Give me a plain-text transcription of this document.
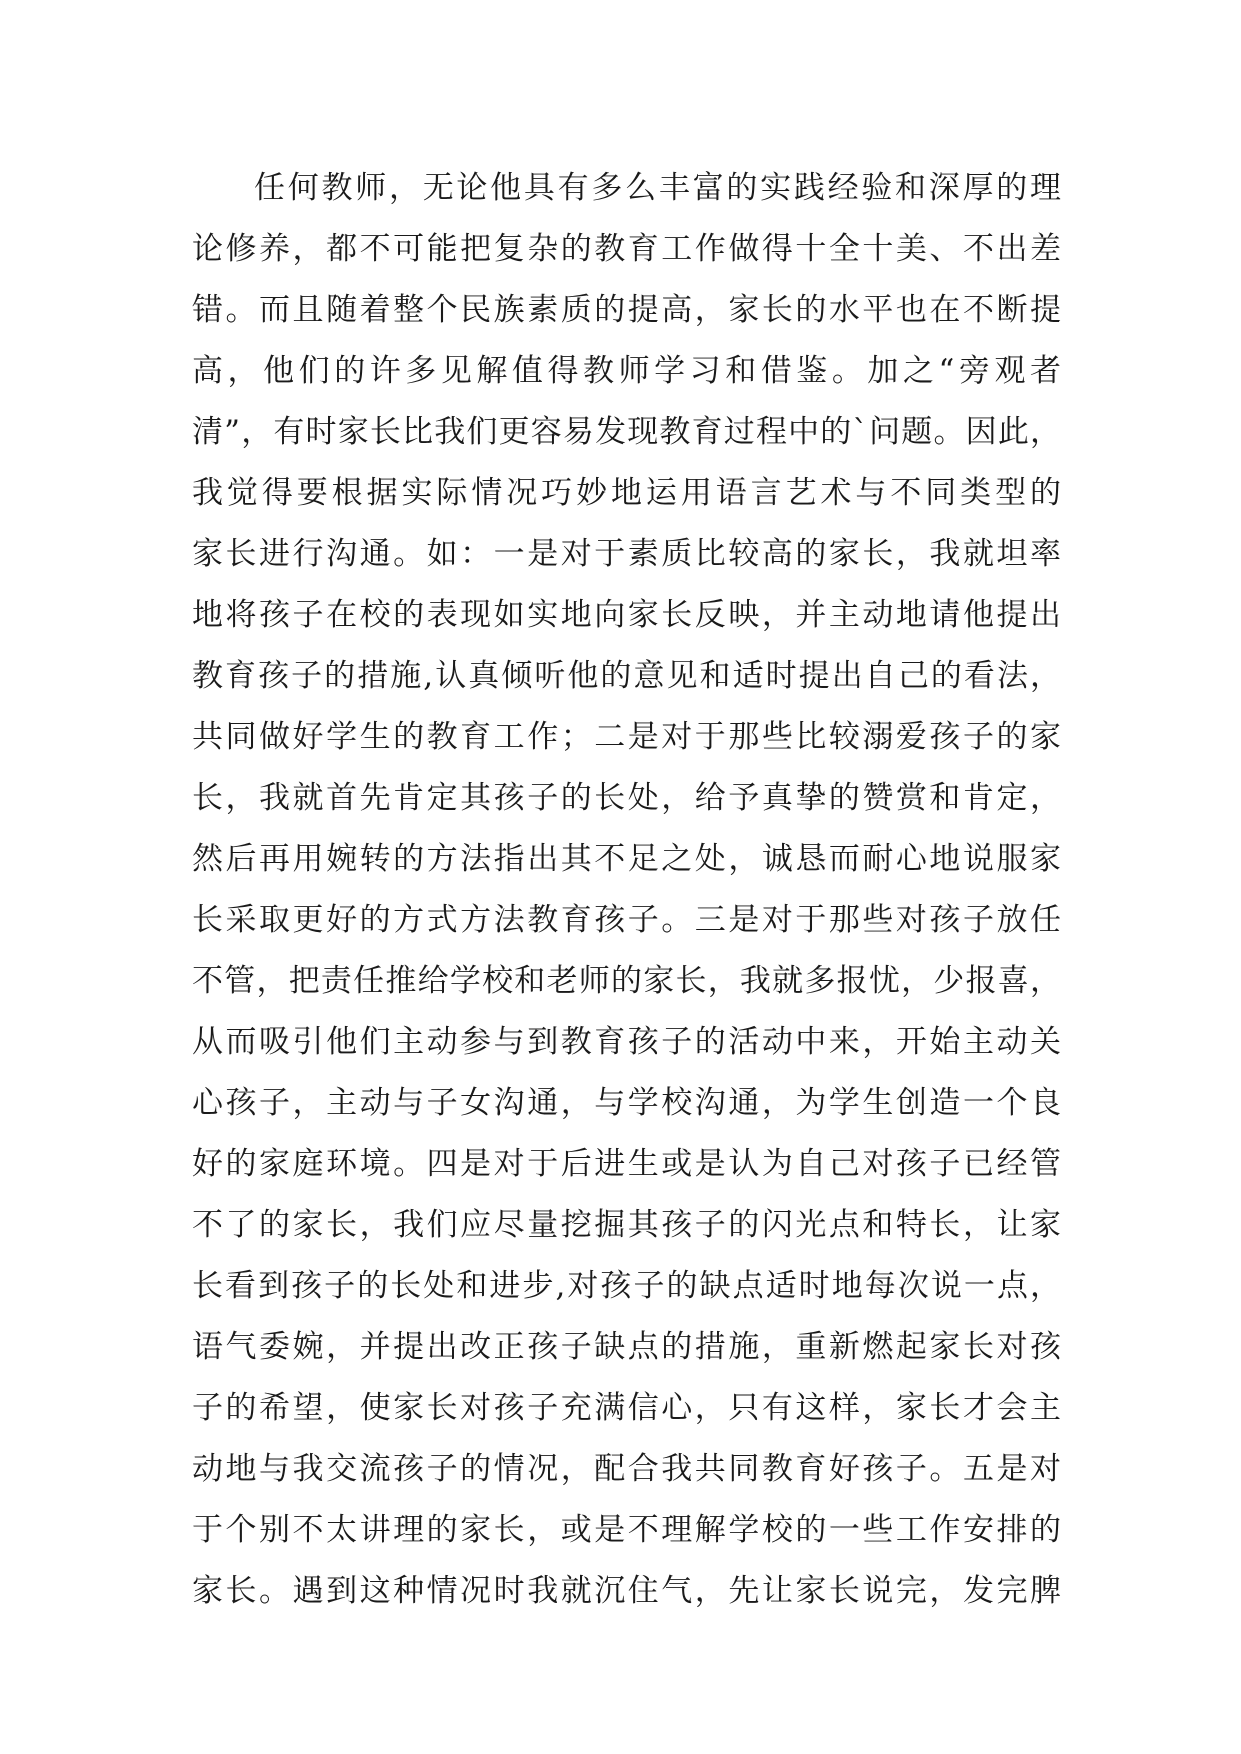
任何教师，无论他具有多么丰富的实践经验和深厚的理
论修养，都不可能把复杂的教育工作做得十全十美、不出差
错。而且随着整个民族素质的提高，家长的水平也在不断提
高，他们的许多见解值得教师学习和借鉴。加之“旁观者
清”，有时家长比我们更容易发现教育过程中的`问题。因此，
我觉得要根据实际情况巧妙地运用语言艺术与不同类型的
家长进行沟通。如：一是对于素质比较高的家长，我就坦率
地将孩子在校的表现如实地向家长反映，并主动地请他提出
教育孩子的措施,认真倾听他的意见和适时提出自己的看法，
共同做好学生的教育工作；二是对于那些比较溺爱孩子的家
长，我就首先肯定其孩子的长处，给予真挚的赞赏和肯定，
然后再用婉转的方法指出其不足之处，诚恳而耐心地说服家
长采取更好的方式方法教育孩子。三是对于那些对孩子放任
不管，把责任推给学校和老师的家长，我就多报忧，少报喜，
从而吸引他们主动参与到教育孩子的活动中来，开始主动关
心孩子，主动与子女沟通，与学校沟通，为学生创造一个良
好的家庭环境。四是对于后进生或是认为自己对孩子已经管
不了的家长，我们应尽量挖掘其孩子的闪光点和特长，让家
长看到孩子的长处和进步,对孩子的缺点适时地每次说一点，
语气委婉，并提出改正孩子缺点的措施，重新燃起家长对孩
子的希望，使家长对孩子充满信心，只有这样，家长才会主
动地与我交流孩子的情况，配合我共同教育好孩子。五是对
于个别不太讲理的家长，或是不理解学校的一些工作安排的
家长。遇到这种情况时我就沉住气，先让家长说完，发完脾
